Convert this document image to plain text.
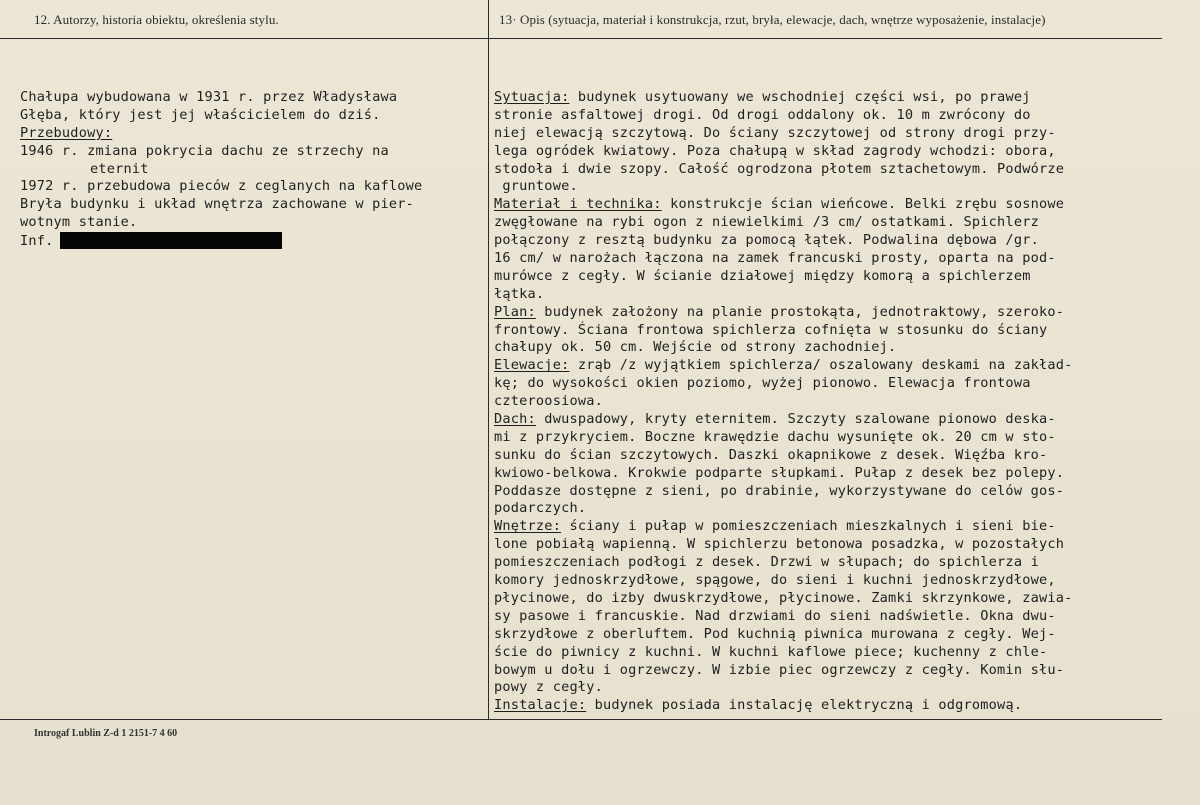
12. Autorzy, historia obiektu, określenia stylu.	13· Opis (sytuacja, materiał i konstrukcja, rzut, bryła, elewacje, dach, wnętrze wyposażenie, instalacje)
Chałupa wybudowana w 1931 r. przez Władysława
Głęba, który jest jej właścicielem do dziś.
Przebudowy:
1946 r. zmiana pokrycia dachu ze strzechy na
eternit
1972 r. przebudowa pieców z ceglanych na kaflowe
Bryła budynku i układ wnętrza zachowane w pier-
wotnym stanie.
Inf.
Sytuacja: budynek usytuowany we wschodniej części wsi, po prawej
stronie asfaltowej drogi. Od drogi oddalony ok. 10 m zwrócony do
niej elewacją szczytową. Do ściany szczytowej od strony drogi przy-
lega ogródek kwiatowy. Poza chałupą w skład zagrody wchodzi: obora,
stodoła i dwie szopy. Całość ogrodzona płotem sztachetowym. Podwórze
gruntowe.
Materiał i technika: konstrukcje ścian wieńcowe. Belki zrębu sosnowe
zwęgłowane na rybi ogon z niewielkimi /3 cm/ ostatkami. Spichlerz
połączony z resztą budynku za pomocą łątek. Podwalina dębowa /gr.
16 cm/ w narożach łączona na zamek francuski prosty, oparta na pod-
murówce z cegły. W ścianie działowej między komorą a spichlerzem
łątka.
Plan: budynek założony na planie prostokąta, jednotraktowy, szeroko-
frontowy. Ściana frontowa spichlerza cofnięta w stosunku do ściany
chałupy ok. 50 cm. Wejście od strony zachodniej.
Elewacje: zrąb /z wyjątkiem spichlerza/ oszalowany deskami na zakład-
kę; do wysokości okien poziomo, wyżej pionowo. Elewacja frontowa
czteroosiowa.
Dach: dwuspadowy, kryty eternitem. Szczyty szalowane pionowo deska-
mi z przykryciem. Boczne krawędzie dachu wysunięte ok. 20 cm w sto-
sunku do ścian szczytowych. Daszki okapnikowe z desek. Więźba kro-
kwiowo-belkowa. Krokwie podparte słupkami. Pułap z desek bez polepy.
Poddasze dostępne z sieni, po drabinie, wykorzystywane do celów gos-
podarczych.
Wnętrze: ściany i pułap w pomieszczeniach mieszkalnych i sieni bie-
lone pobiałą wapienną. W spichlerzu betonowa posadzka, w pozostałych
pomieszczeniach podłogi z desek. Drzwi w słupach; do spichlerza i
komory jednoskrzydłowe, spągowe, do sieni i kuchni jednoskrzydłowe,
płycinowe, do izby dwuskrzydłowe, płycinowe. Zamki skrzynkowe, zawia-
sy pasowe i francuskie. Nad drzwiami do sieni nadświetle. Okna dwu-
skrzydłowe z oberluftem. Pod kuchnią piwnica murowana z cegły. Wej-
ście do piwnicy z kuchni. W kuchni kaflowe piece; kuchenny z chle-
bowym u dołu i ogrzewczy. W izbie piec ogrzewczy z cegły. Komin słu-
powy z cegły.
Instalacje: budynek posiada instalację elektryczną i odgromową.
Introgaf Lublin Z-d 1 2151-7 4 60
